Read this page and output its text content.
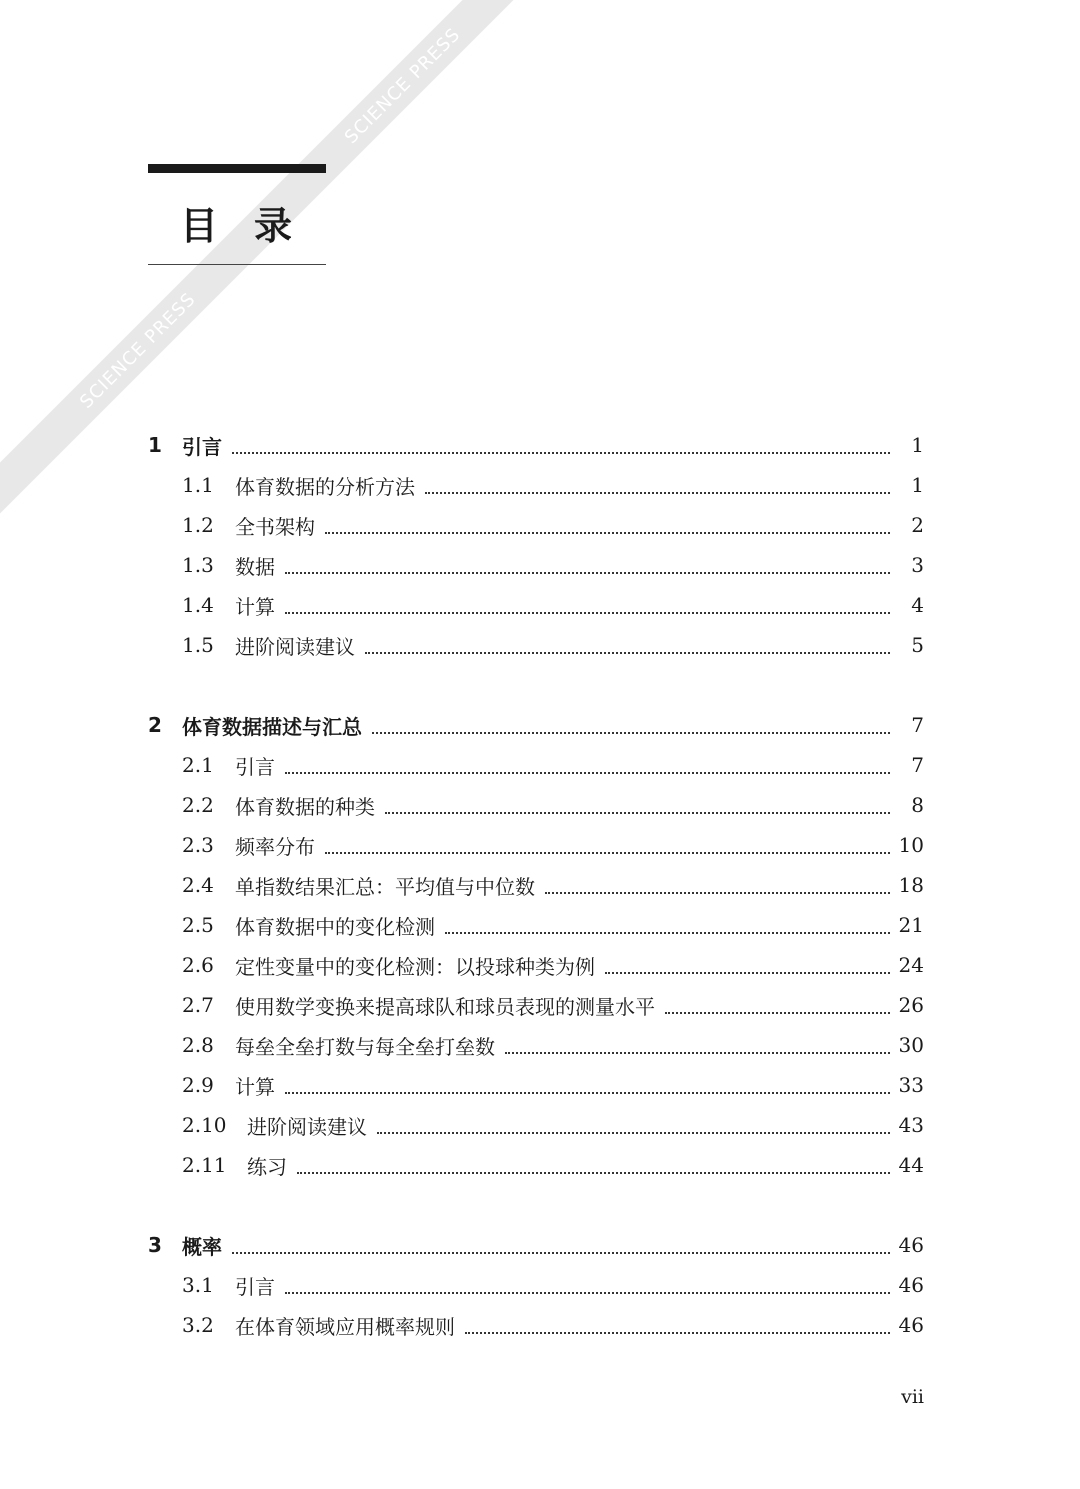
SCIENCE PRESS
SCIENCE PRESS
目录
1	引言	1
1.1	体育数据的分析方法	1
1.2	全书架构	2
1.3	数据	3
1.4	计算	4
1.5	进阶阅读建议	5
2	体育数据描述与汇总	7
2.1	引言	7
2.2	体育数据的种类	8
2.3	频率分布	10
2.4	单指数结果汇总：平均值与中位数	18
2.5	体育数据中的变化检测	21
2.6	定性变量中的变化检测：以投球种类为例	24
2.7	使用数学变换来提高球队和球员表现的测量水平	26
2.8	每垒全垒打数与每全垒打垒数	30
2.9	计算	33
2.10	进阶阅读建议	43
2.11	练习	44
3	概率	46
3.1	引言	46
3.2	在体育领域应用概率规则	46
vii
